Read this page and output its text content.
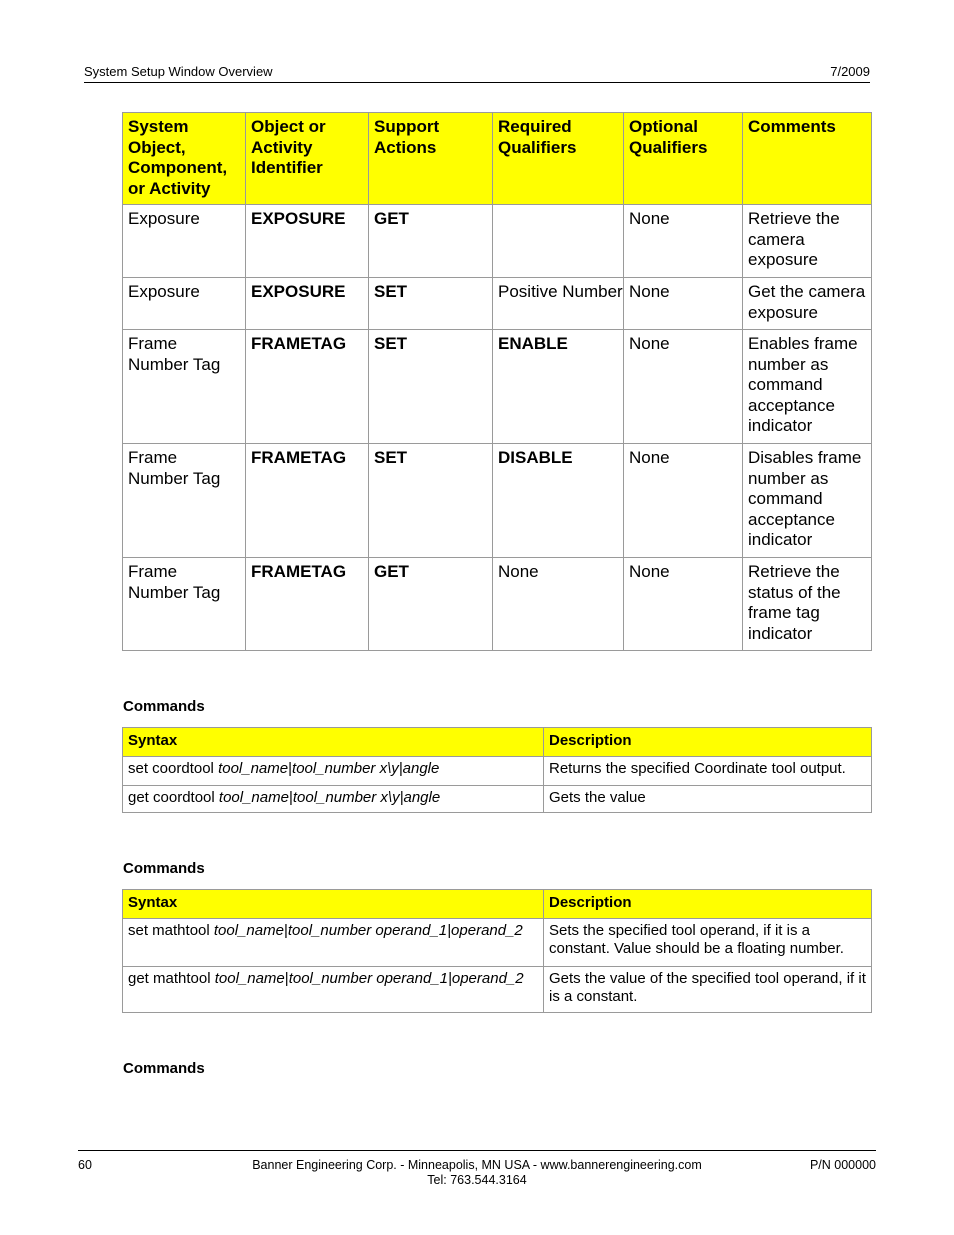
System Setup Window Overview	7/2009
System Object, Component, or Activity	Object or Activity Identifier	Support Actions	Required Qualifiers	Optional Qualifiers	Comments
Exposure	EXPOSURE	GET		None	Retrieve the camera exposure
Exposure	EXPOSURE	SET	Positive Number	None	Get the camera exposure
Frame Number Tag	FRAMETAG	SET	ENABLE	None	Enables frame number as command acceptance indicator
Frame Number Tag	FRAMETAG	SET	DISABLE	None	Disables frame number as command acceptance indicator
Frame Number Tag	FRAMETAG	GET	None	None	Retrieve the status of the frame tag indicator
Commands
Syntax	Description
set coordtool tool_name|tool_number x\y|angle	Returns the specified Coordinate tool output.
get coordtool tool_name|tool_number x\y|angle	Gets the value
Commands
Syntax	Description
set mathtool tool_name|tool_number operand_1|operand_2	Sets the specified tool operand, if it is a constant. Value should be a floating number.
get mathtool tool_name|tool_number operand_1|operand_2	Gets the value of the specified tool operand, if it is a constant.
Commands
60	Banner Engineering Corp. - Minneapolis, MN USA - www.bannerengineering.com
Tel: 763.544.3164
P/N 000000
